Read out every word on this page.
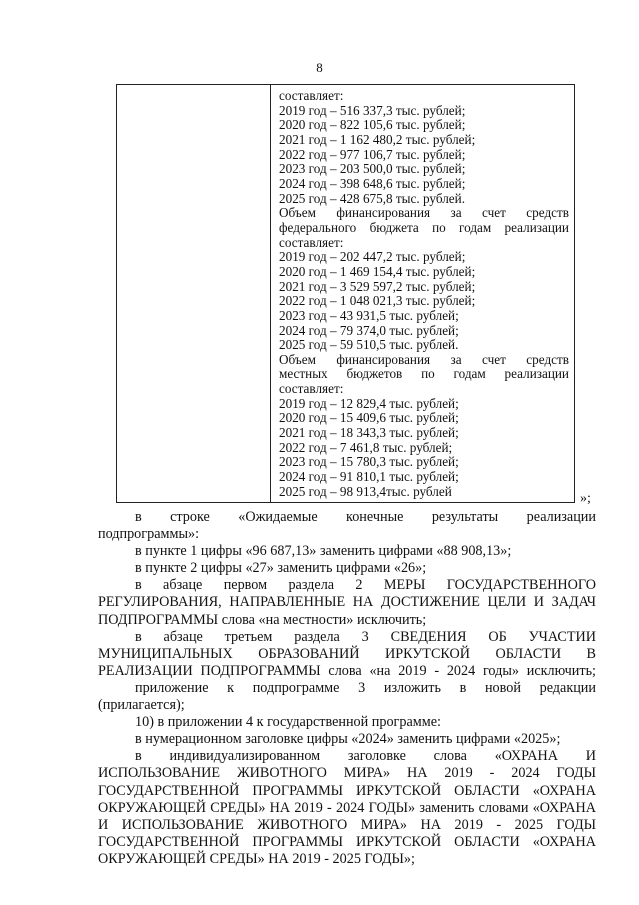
8
составляет:
2019 год – 516 337,3 тыс. рублей;
2020 год – 822 105,6 тыс. рублей;
2021 год – 1 162 480,2 тыс. рублей;
2022 год – 977 106,7 тыс. рублей;
2023 год – 203 500,0 тыс. рублей;
2024 год – 398 648,6 тыс. рублей;
2025 год – 428 675,8 тыс. рублей.
Объем финансирования за счет средств
федерального бюджета по годам реализации
составляет:
2019 год – 202 447,2 тыс. рублей;
2020 год – 1 469 154,4 тыс. рублей;
2021 год – 3 529 597,2 тыс. рублей;
2022 год – 1 048 021,3 тыс. рублей;
2023 год – 43 931,5 тыс. рублей;
2024 год – 79 374,0 тыс. рублей;
2025 год – 59 510,5 тыс. рублей.
Объем финансирования за счет средств
местных бюджетов по годам реализации
составляет:
2019 год – 12 829,4 тыс. рублей;
2020 год – 15 409,6 тыс. рублей;
2021 год – 18 343,3 тыс. рублей;
2022 год – 7 461,8 тыс. рублей;
2023 год – 15 780,3 тыс. рублей;
2024 год – 91 810,1 тыс. рублей;
2025 год – 98 913,4тыс. рублей	»;
в строке «Ожидаемые конечные результаты реализации
подпрограммы»:
в пункте 1 цифры «96 687,13» заменить цифрами «88 908,13»;
в пункте 2 цифры «27» заменить цифрами «26»;
в абзаце первом раздела 2 МЕРЫ ГОСУДАРСТВЕННОГО
РЕГУЛИРОВАНИЯ, НАПРАВЛЕННЫЕ НА ДОСТИЖЕНИЕ ЦЕЛИ И ЗАДАЧ
ПОДПРОГРАММЫ слова «на местности» исключить;
в абзаце третьем раздела 3 СВЕДЕНИЯ ОБ УЧАСТИИ
МУНИЦИПАЛЬНЫХ ОБРАЗОВАНИЙ ИРКУТСКОЙ ОБЛАСТИ В
РЕАЛИЗАЦИИ ПОДПРОГРАММЫ слова «на 2019 - 2024 годы» исключить;
приложение к подпрограмме 3 изложить в новой редакции
(прилагается);
10) в приложении 4 к государственной программе:
в нумерационном заголовке цифры «2024» заменить цифрами «2025»;
в индивидуализированном заголовке слова «ОХРАНА И
ИСПОЛЬЗОВАНИЕ ЖИВОТНОГО МИРА» НА 2019 - 2024 ГОДЫ
ГОСУДАРСТВЕННОЙ ПРОГРАММЫ ИРКУТСКОЙ ОБЛАСТИ «ОХРАНА
ОКРУЖАЮЩЕЙ СРЕДЫ» НА 2019 - 2024 ГОДЫ» заменить словами «ОХРАНА
И ИСПОЛЬЗОВАНИЕ ЖИВОТНОГО МИРА» НА 2019 - 2025 ГОДЫ
ГОСУДАРСТВЕННОЙ ПРОГРАММЫ ИРКУТСКОЙ ОБЛАСТИ «ОХРАНА
ОКРУЖАЮЩЕЙ СРЕДЫ» НА 2019 - 2025 ГОДЫ»;
